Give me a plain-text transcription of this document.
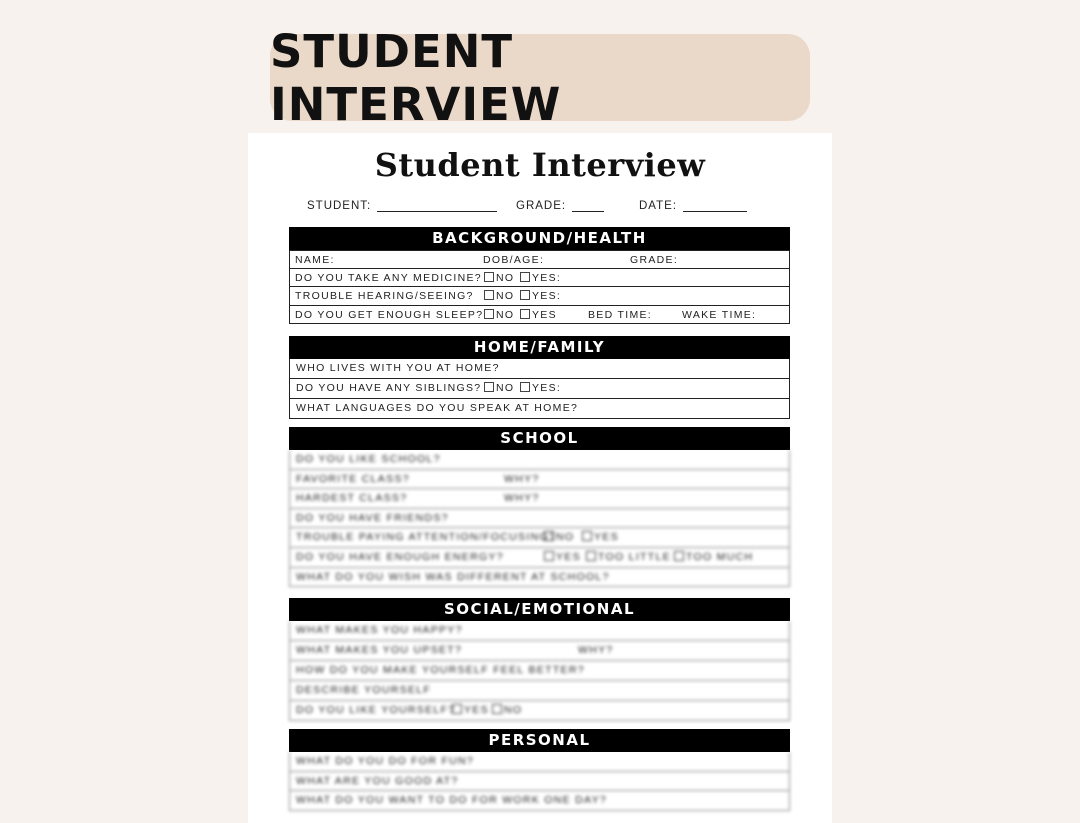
STUDENT INTERVIEW
Student Interview
STUDENT:	GRADE:	DATE:
BACKGROUND/HEALTH
NAME:	DOB/AGE:	GRADE:
DO YOU TAKE ANY MEDICINE?	NO	YES:
TROUBLE HEARING/SEEING?	NO	YES:
DO YOU GET ENOUGH SLEEP?	NO	YES	BED TIME:	WAKE TIME:
HOME/FAMILY
WHO LIVES WITH YOU AT HOME?
DO YOU HAVE ANY SIBLINGS?	NO	YES:
WHAT LANGUAGES DO YOU SPEAK AT HOME?
SCHOOL
DO YOU LIKE SCHOOL?
FAVORITE CLASS?	WHY?
HARDEST CLASS?	WHY?
DO YOU HAVE FRIENDS?
TROUBLE PAYING ATTENTION/FOCUSING? NO	YES
DO YOU HAVE ENOUGH ENERGY?	YES	TOO LITTLE	TOO MUCH
WHAT DO YOU WISH WAS DIFFERENT AT SCHOOL?
SOCIAL/EMOTIONAL
WHAT MAKES YOU HAPPY?
WHAT MAKES YOU UPSET?	WHY?
HOW DO YOU MAKE YOURSELF FEEL BETTER?
DESCRIBE YOURSELF
DO YOU LIKE YOURSELF? YES	NO
PERSONAL
WHAT DO YOU DO FOR FUN?
WHAT ARE YOU GOOD AT?
WHAT DO YOU WANT TO DO FOR WORK ONE DAY?
